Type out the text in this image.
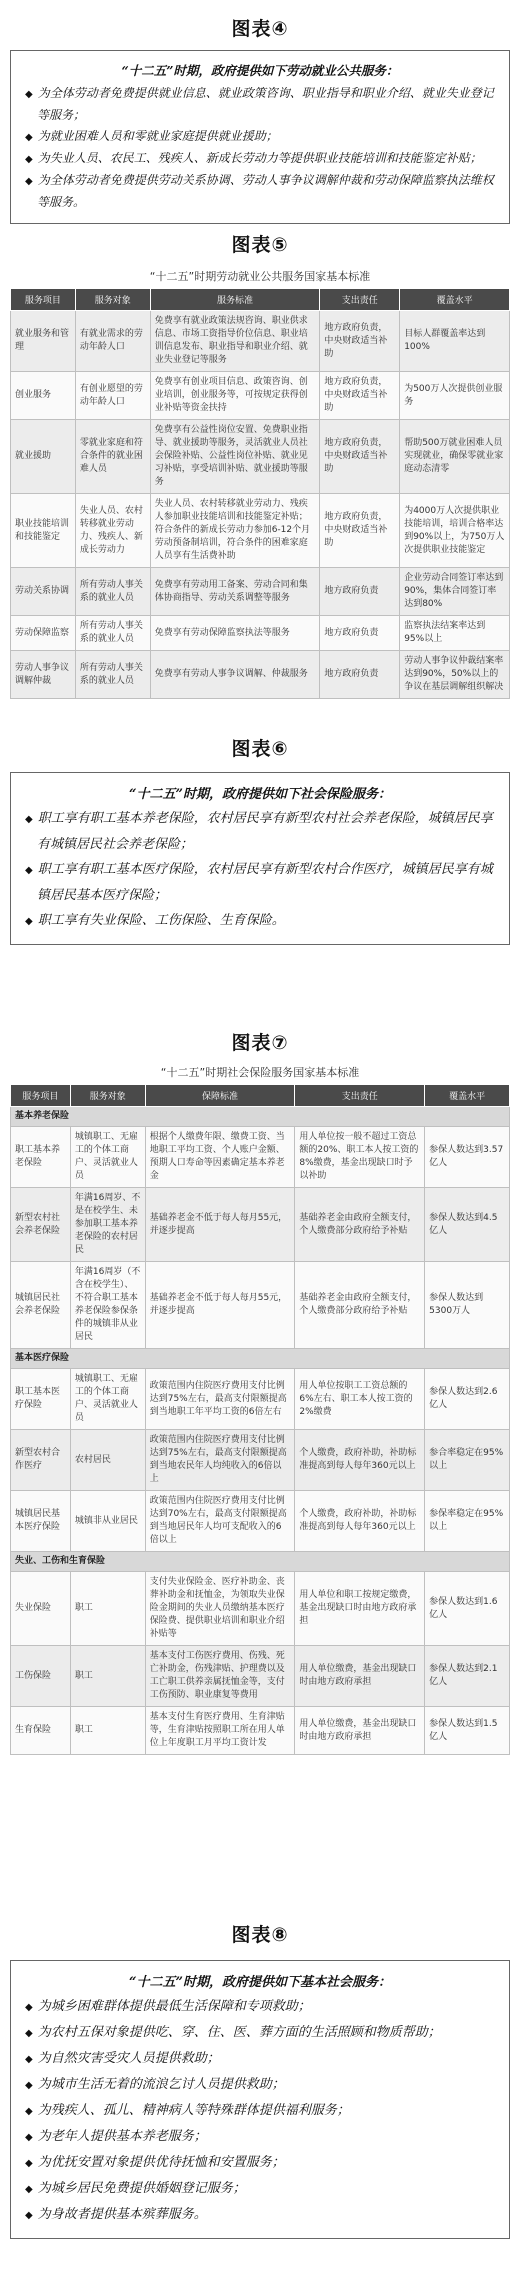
图表④
“十二五”时期，政府提供如下劳动就业公共服务：
◆ 为全体劳动者免费提供就业信息、就业政策咨询、职业指导和职业介绍、就业失业登记等服务；
◆ 为就业困难人员和零就业家庭提供就业援助；
◆ 为失业人员、农民工、残疾人、新成长劳动力等提供职业技能培训和技能鉴定补贴；
◆ 为全体劳动者免费提供劳动关系协调、劳动人事争议调解仲裁和劳动保障监察执法维权等服务。
图表⑤
“十二五”时期劳动就业公共服务国家基本标准
服务项目	服务对象	服务标准	支出责任	覆盖水平
就业服务和管理	有就业需求的劳动年龄人口	免费享有就业政策法规咨询、职业供求信息、市场工资指导价位信息、职业培训信息发布、职业指导和职业介绍、就业失业登记等服务	地方政府负责，中央财政适当补助	目标人群覆盖率达到100%
创业服务	有创业愿望的劳动年龄人口	免费享有创业项目信息、政策咨询、创业培训，创业服务等，可按规定获得创业补贴等资金扶持	地方政府负责，中央财政适当补助	为500万人次提供创业服务
就业援助	零就业家庭和符合条件的就业困难人员	免费享有公益性岗位安置、免费职业指导、就业援助等服务，灵活就业人员社会保险补贴、公益性岗位补贴、就业见习补贴，享受培训补贴、就业援助等服务	地方政府负责，中央财政适当补助	帮助500万就业困难人员实现就业，确保零就业家庭动态清零
职业技能培训和技能鉴定	失业人员、农村转移就业劳动力、残疾人、新成长劳动力	失业人员、农村转移就业劳动力、残疾人参加职业技能培训和技能鉴定补贴；符合条件的新成长劳动力参加6-12个月劳动预备制培训，符合条件的困难家庭人员享有生活费补助	地方政府负责，中央财政适当补助	为4000万人次提供职业技能培训，培训合格率达到90%以上，为750万人次提供职业技能鉴定
劳动关系协调	所有劳动人事关系的就业人员	免费享有劳动用工备案、劳动合同和集体协商指导、劳动关系调整等服务	地方政府负责	企业劳动合同签订率达到90%，集体合同签订率达到80%
劳动保障监察	所有劳动人事关系的就业人员	免费享有劳动保障监察执法等服务	地方政府负责	监察执法结案率达到95%以上
劳动人事争议调解仲裁	所有劳动人事关系的就业人员	免费享有劳动人事争议调解、仲裁服务	地方政府负责	劳动人事争议仲裁结案率达到90%，50%以上的争议在基层调解组织解决
图表⑥
“十二五”时期，政府提供如下社会保险服务：
◆ 职工享有职工基本养老保险，农村居民享有新型农村社会养老保险，城镇居民享有城镇居民社会养老保险；
◆ 职工享有职工基本医疗保险，农村居民享有新型农村合作医疗，城镇居民享有城镇居民基本医疗保险；
◆ 职工享有失业保险、工伤保险、生育保险。
图表⑦
“十二五”时期社会保险服务国家基本标准
服务项目	服务对象	保障标准	支出责任	覆盖水平
基本养老保险				
职工基本养老保险	城镇职工、无雇工的个体工商户、灵活就业人员	根据个人缴费年限、缴费工资、当地职工平均工资、个人账户金额、预期人口寿命等因素确定基本养老金	用人单位按一般不超过工资总额的20%、职工本人按工资的8%缴费，基金出现缺口时予以补助	参保人数达到3.57亿人
新型农村社会养老保险	年满16周岁、不是在校学生、未参加职工基本养老保险的农村居民	基础养老金不低于每人每月55元，并逐步提高	基础养老金由政府全额支付，个人缴费部分政府给予补贴	参保人数达到4.5亿人
城镇居民社会养老保险	年满16周岁（不含在校学生）、不符合职工基本养老保险参保条件的城镇非从业居民	基础养老金不低于每人每月55元，并逐步提高	基础养老金由政府全额支付，个人缴费部分政府给予补贴	参保人数达到5300万人
基本医疗保险				
职工基本医疗保险	城镇职工、无雇工的个体工商户、灵活就业人员	政策范围内住院医疗费用支付比例达到75%左右，最高支付限额提高到当地职工年平均工资的6倍左右	用人单位按职工工资总额的6%左右、职工本人按工资的2%缴费	参保人数达到2.6亿人
新型农村合作医疗	农村居民	政策范围内住院医疗费用支付比例达到75%左右，最高支付限额提高到当地农民年人均纯收入的6倍以上	个人缴费，政府补助，补助标准提高到每人每年360元以上	参合率稳定在95%以上
城镇居民基本医疗保险	城镇非从业居民	政策范围内住院医疗费用支付比例达到70%左右，最高支付限额提高到当地居民年人均可支配收入的6倍以上	个人缴费，政府补助，补助标准提高到每人每年360元以上	参保率稳定在95%以上
失业、工伤和生育保险				
失业保险	职工	支付失业保险金、医疗补助金、丧葬补助金和抚恤金，为领取失业保险金期间的失业人员缴纳基本医疗保险费、提供职业培训和职业介绍补贴等	用人单位和职工按规定缴费，基金出现缺口时由地方政府承担	参保人数达到1.6亿人
工伤保险	职工	基本支付工伤医疗费用、伤残、死亡补助金，伤残津贴、护理费以及工亡职工供养亲属抚恤金等，支付工伤预防、职业康复等费用	用人单位缴费，基金出现缺口时由地方政府承担	参保人数达到2.1亿人
生育保险	职工	基本支付生育医疗费用、生育津贴等，生育津贴按照职工所在用人单位上年度职工月平均工资计发	用人单位缴费，基金出现缺口时由地方政府承担	参保人数达到1.5亿人
图表⑧
“十二五”时期，政府提供如下基本社会服务：
◆ 为城乡困难群体提供最低生活保障和专项救助；
◆ 为农村五保对象提供吃、穿、住、医、葬方面的生活照顾和物质帮助；
◆ 为自然灾害受灾人员提供救助；
◆ 为城市生活无着的流浪乞讨人员提供救助；
◆ 为残疾人、孤儿、精神病人等特殊群体提供福利服务；
◆ 为老年人提供基本养老服务；
◆ 为优抚安置对象提供优待抚恤和安置服务；
◆ 为城乡居民免费提供婚姻登记服务；
◆ 为身故者提供基本殡葬服务。
